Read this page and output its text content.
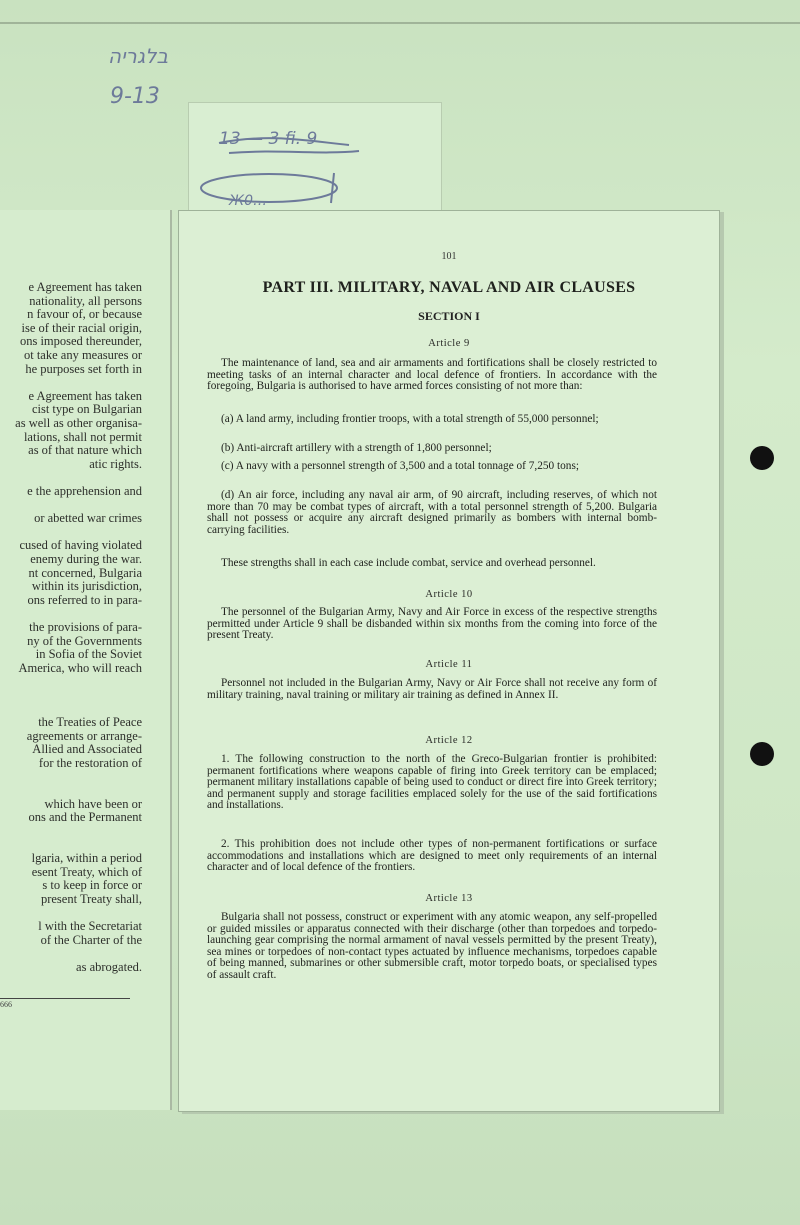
בלגריה
9-13
13 — 3 ﬁ. 9
Ж0…
666
e Agreement has taken
nationality, all persons
n favour of, or because
ise of their racial origin,
ons imposed thereunder,
ot take any measures or
he purposes set forth in
e Agreement has taken
cist type on Bulgarian
as well as other organisa-
lations, shall not permit
as of that nature which
atic rights.
e the apprehension and
or abetted war crimes
cused of having violated
enemy during the war.
nt concerned, Bulgaria
within its jurisdiction,
ons referred to in para-
the provisions of para-
ny of the Governments
in Sofia of the Soviet
America, who will reach
the Treaties of Peace
agreements or arrange-
Allied and Associated
for the restoration of
which have been or
ons and the Permanent
lgaria, within a period
esent Treaty, which of
s to keep in force or
present Treaty shall,
l with the Secretariat
of the Charter of the
as abrogated.
101
PART III. MILITARY, NAVAL AND AIR CLAUSES
SECTION I
Article 9
The maintenance of land, sea and air armaments and fortifications shall be closely restricted to meeting tasks of an internal character and local defence of frontiers. In accordance with the foregoing, Bulgaria is authorised to have armed forces consisting of not more than:
(a) A land army, including frontier troops, with a total strength of 55,000 personnel;
(b) Anti-aircraft artillery with a strength of 1,800 personnel;
(c) A navy with a personnel strength of 3,500 and a total tonnage of 7,250 tons;
(d) An air force, including any naval air arm, of 90 aircraft, including reserves, of which not more than 70 may be combat types of aircraft, with a total personnel strength of 5,200. Bulgaria shall not possess or acquire any aircraft designed primarily as bombers with internal bomb-carrying facilities.
These strengths shall in each case include combat, service and overhead personnel.
Article 10
The personnel of the Bulgarian Army, Navy and Air Force in excess of the respective strengths permitted under Article 9 shall be disbanded within six months from the coming into force of the present Treaty.
Article 11
Personnel not included in the Bulgarian Army, Navy or Air Force shall not receive any form of military training, naval training or military air training as defined in Annex II.
Article 12
1. The following construction to the north of the Greco-Bulgarian frontier is prohibited: permanent fortifications where weapons capable of firing into Greek territory can be emplaced; permanent military installations capable of being used to conduct or direct fire into Greek territory; and permanent supply and storage facilities emplaced solely for the use of the said fortifications and installations.
2. This prohibition does not include other types of non-permanent fortifications or surface accommodations and installations which are designed to meet only requirements of an internal character and of local defence of the frontiers.
Article 13
Bulgaria shall not possess, construct or experiment with any atomic weapon, any self-propelled or guided missiles or apparatus connected with their discharge (other than torpedoes and torpedo-launching gear comprising the normal armament of naval vessels permitted by the present Treaty), sea mines or torpedoes of non-contact types actuated by influence mechanisms, torpedoes capable of being manned, submarines or other submersible craft, motor torpedo boats, or specialised types of assault craft.
